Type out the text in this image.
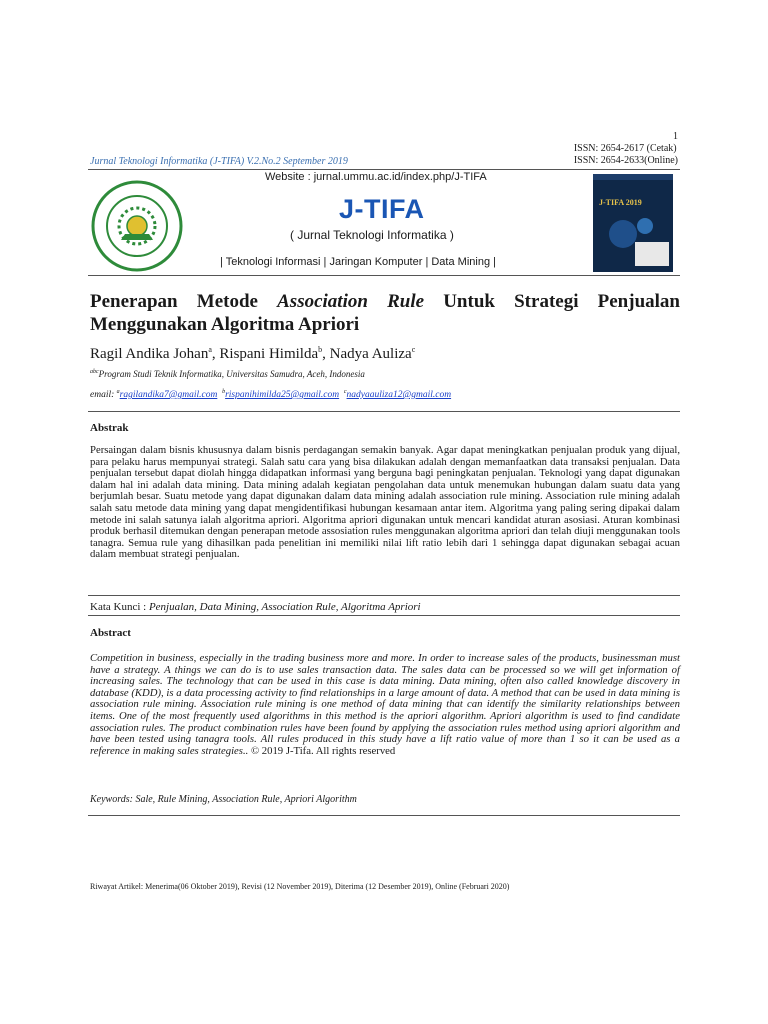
1
ISSN: 2654-2617 (Cetak)
ISSN: 2654-2633(Online)
Jurnal Teknologi Informatika (J-TIFA) V.2.No.2 September 2019
Website : jurnal.ummu.ac.id/index.php/J-TIFA
J-TIFA
( Jurnal Teknologi Informatika )
| Teknologi Informasi | Jaringan Komputer | Data Mining |
J-TIFA 2019
Penerapan Metode Association Rule Untuk Strategi Penjualan Menggunakan Algoritma Apriori
Ragil Andika Johan$^a$, Rispani Himilda$^b$, Nadya Auliza$^c$
$^{abc}$Program Studi Teknik Informatika, Universitas Samudra, Aceh, Indonesia
email: $^a$ragilandika7@gmail.com $^b$rispanihimilda25@gmail.com $^c$nadyaauliza12@gmail.com
Abstrak
Persaingan dalam bisnis khususnya dalam bisnis perdagangan semakin banyak. Agar dapat meningkatkan penjualan produk yang dijual, para pelaku harus mempunyai strategi. Salah satu cara yang bisa dilakukan adalah dengan memanfaatkan data transaksi penjualan. Data penjualan tersebut dapat diolah hingga didapatkan informasi yang berguna bagi peningkatan penjualan. Teknologi yang dapat digunakan dalam hal ini adalah data mining. Data mining adalah kegiatan pengolahan data untuk menemukan hubungan dalam suatu data yang berjumlah besar. Suatu metode yang dapat digunakan dalam data mining adalah association rule mining. Association rule mining adalah salah satu metode data mining yang dapat mengidentifikasi hubungan kesamaan antar item. Algoritma yang paling sering dipakai dalam metode ini salah satunya ialah algoritma apriori. Algoritma apriori digunakan untuk mencari kandidat aturan asosiasi. Aturan kombinasi produk berhasil ditemukan dengan penerapan metode assosiation rules menggunakan algoritma apriori dan telah diuji menggunakan tools tanagra. Semua rule yang dihasilkan pada penelitian ini memiliki nilai lift ratio lebih dari 1 sehingga dapat digunakan sebagai acuan dalam membuat strategi penjualan.
Kata Kunci : Penjualan, Data Mining, Association Rule, Algoritma Apriori
Abstract
Competition in business, especially in the trading business more and more. In order to increase sales of the products, businessman must have a strategy. A things we can do is to use sales transaction data. The sales data can be processed so we will get information of increasing sales. The technology that can be used in this case is data mining. Data mining, often also called knowledge discovery in database (KDD), is a data processing activity to find relationships in a large amount of data. A method that can be used in data mining is association rule mining. Association rule mining is one method of data mining that can identify the similarity relationships between items. One of the most frequently used algorithms in this method is the apriori algorithm. Apriori algorithm is used to find candidate association rules. The product combination rules have been found by applying the association rules method using apriori algorithm and have been tested using tanagra tools. All rules produced in this study have a lift ratio value of more than 1 so it can be used as a reference in making sales strategies.. © 2019 J-Tifa. All rights reserved
Keywords: Sale, Rule Mining, Association Rule, Apriori Algorithm
Riwayat Artikel: Menerima(06 Oktober 2019), Revisi (12 November 2019), Diterima (12 Desember 2019), Online (Februari 2020)
